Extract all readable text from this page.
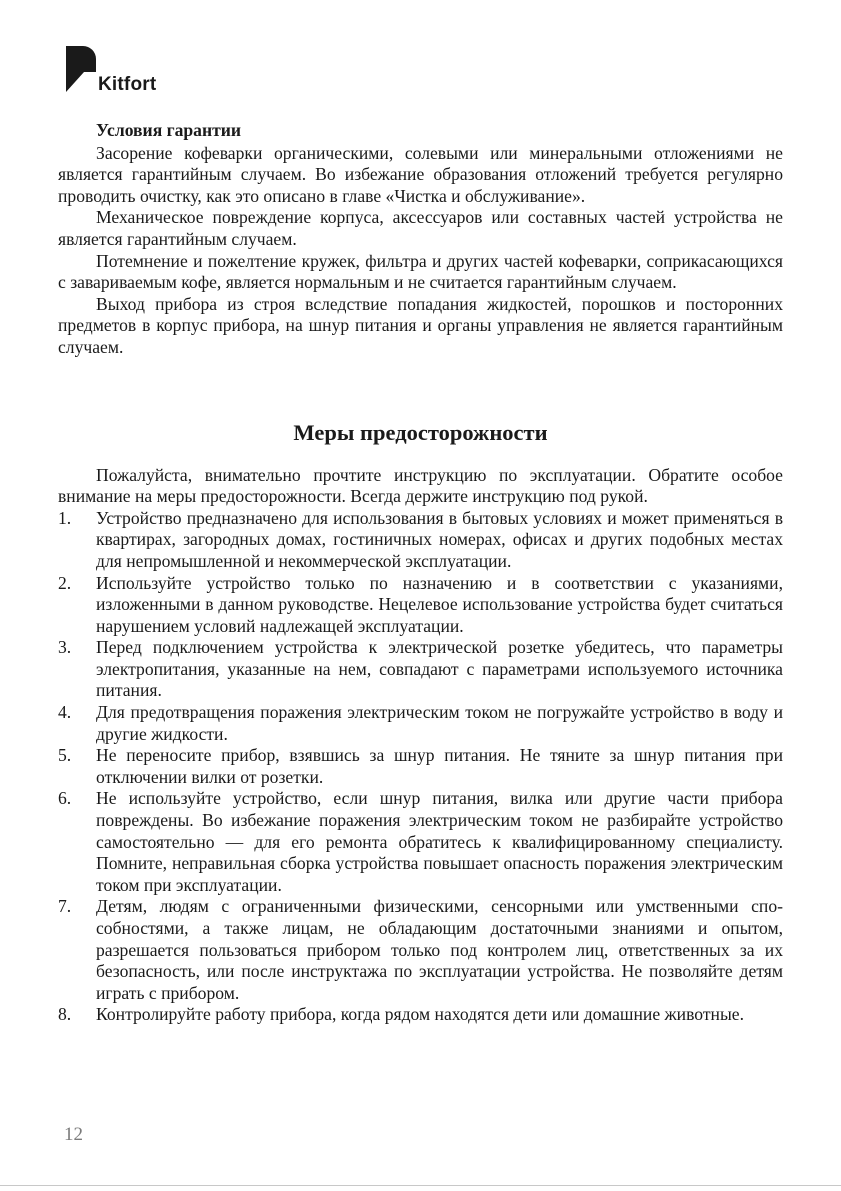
Kitfort
Условия гарантии

Засорение кофеварки органическими, солевыми или минеральными отложениями не является гарантийным случаем. Во избежание образования отложений требуется регулярно проводить очистку, как это описано в главе «Чистка и обслуживание».

Механическое повреждение корпуса, аксессуаров или составных частей устройства не является гарантийным случаем.

Потемнение и пожелтение кружек, фильтра и других частей кофеварки, соприкасающихся с завариваемым кофе, является нормальным и не считается гарантийным случаем.

Выход прибора из строя вследствие попадания жидкостей, порошков и посторонних предметов в корпус прибора, на шнур питания и органы управления не является гарантийным случаем.

Меры предосторожности

Пожалуйста, внимательно прочтите инструкцию по эксплуатации. Обратите особое внимание на меры предосторожности. Всегда держите инструкцию под рукой.

1. Устройство предназначено для использования в бытовых условиях и может применяться в квартирах, загородных домах, гостиничных номерах, офисах и других подобных местах для непромышленной и некоммерческой эксплуатации.
2. Используйте устройство только по назначению и в соответствии с указаниями, изложенными в данном руководстве. Нецелевое использование устройства будет считаться нарушением условий надлежащей эксплуатации.
3. Перед подключением устройства к электрической розетке убедитесь, что параметры электропитания, указанные на нем, совпадают с параметрами используемого источника питания.
4. Для предотвращения поражения электрическим током не погружайте устройство в воду и другие жидкости.
5. Не переносите прибор, взявшись за шнур питания. Не тяните за шнур питания при отключении вилки от розетки.
6. Не используйте устройство, если шнур питания, вилка или другие части прибора повреждены. Во избежание поражения электрическим током не разбирайте устройство самостоятельно — для его ремонта обратитесь к квалифицированному специалисту. Помните, неправильная сборка устройства повышает опасность поражения электрическим током при эксплуатации.
7. Детям, людям с ограниченными физическими, сенсорными или умственными способностями, а также лицам, не обладающим достаточными знаниями и опытом, разрешается пользоваться прибором только под контролем лиц, ответственных за их безопасность, или после инструктажа по эксплуатации устройства. Не позволяйте детям играть с прибором.
8. Контролируйте работу прибора, когда рядом находятся дети или домашние животные.
12
